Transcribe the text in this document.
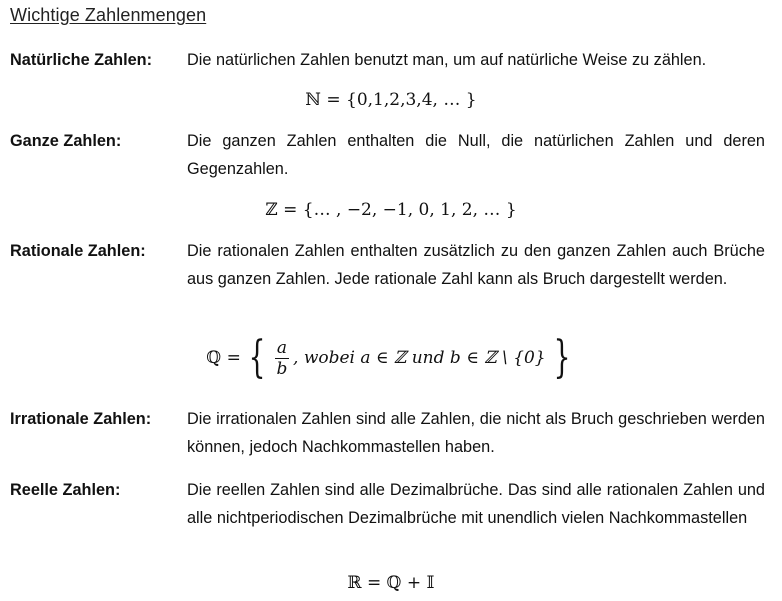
Wichtige Zahlenmengen
Natürliche Zahlen:	Die natürlichen Zahlen benutzt man, um auf natürliche Weise zu zählen.
ℕ = {0,1,2,3,4, … }
Ganze Zahlen:	Die ganzen Zahlen enthalten die Null, die natürlichen Zahlen und deren Gegenzahlen.
ℤ = {… , −2, −1, 0, 1, 2, … }
Rationale Zahlen:	Die rationalen Zahlen enthalten zusätzlich zu den ganzen Zahlen auch Brüche aus ganzen Zahlen. Jede rationale Zahl kann als Bruch dargestellt werden.
ℚ = { $\frac{a}{b}$ , wobei a ∈ ℤ und b ∈ ℤ \ {0} }
Irrationale Zahlen:	Die irrationalen Zahlen sind alle Zahlen, die nicht als Bruch geschrieben werden können, jedoch Nachkommastellen haben.
Reelle Zahlen:	Die reellen Zahlen sind alle Dezimalbrüche. Das sind alle rationalen Zahlen und alle nichtperiodischen Dezimalbrüche mit unendlich vielen Nachkommastellen
ℝ = ℚ + 𝕀
